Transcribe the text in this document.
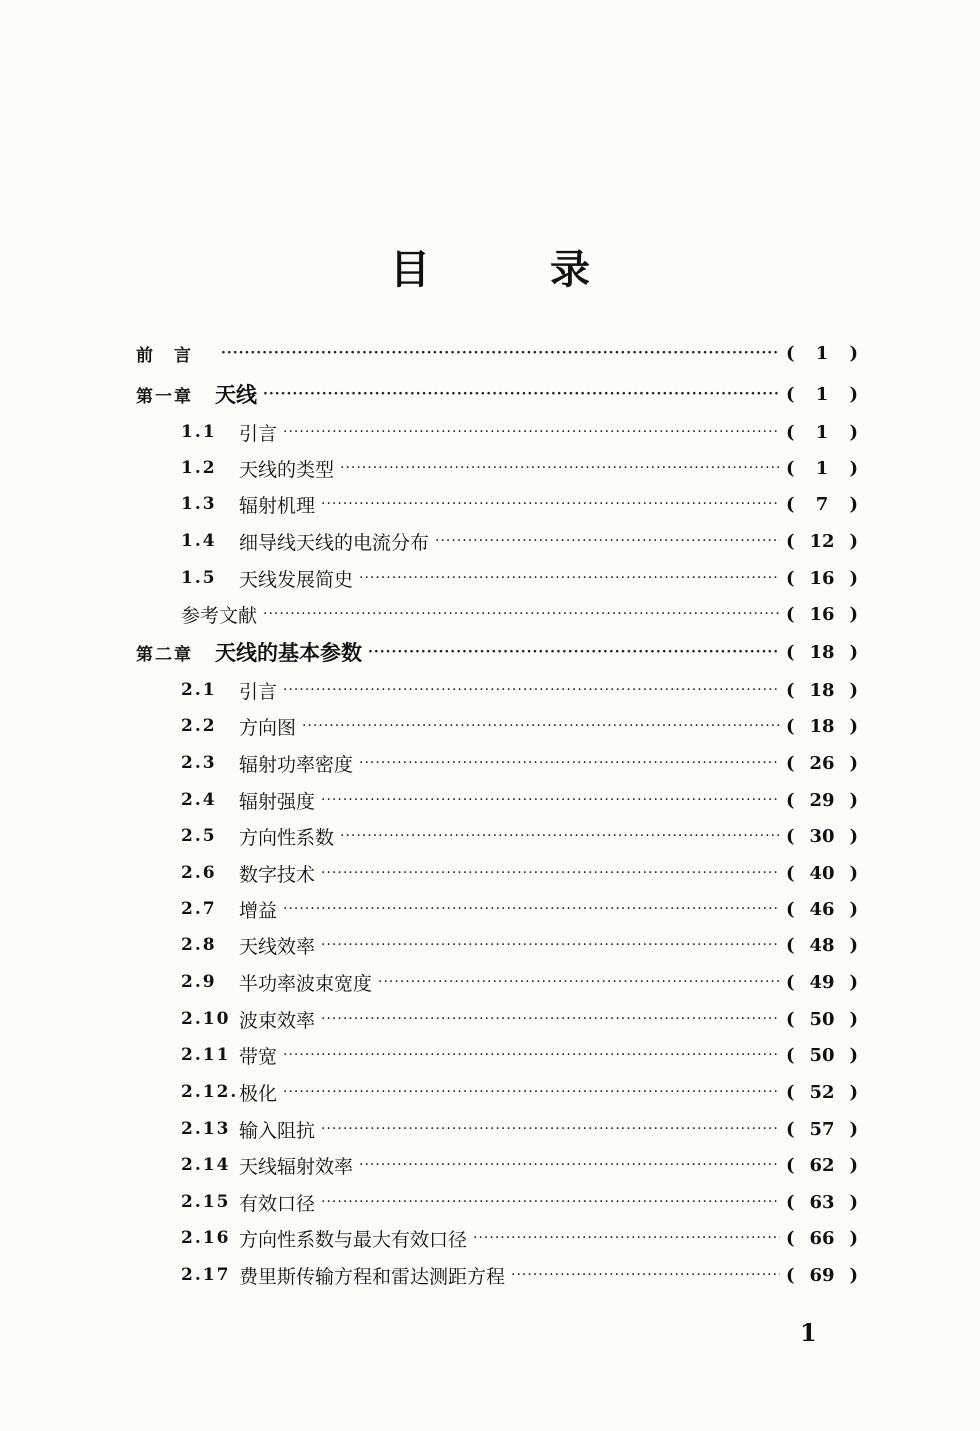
目　录
前　言 ·····	(	1	)
第一章 天线 ·····	(	1	)
1.1	引言 ·····	(	1	)
1.2	天线的类型 ·····	(	1	)
1.3	辐射机理 ·····	(	7	)
1.4	细导线天线的电流分布 ·····	( 12 )
1.5	天线发展简史 ·····	( 16 )
参考文献 ·····	( 16 )
第二章 天线的基本参数 ·····	( 18 )
2.1	引言 ·····	( 18 )
2.2	方向图 ·····	( 18 )
2.3	辐射功率密度 ·····	( 26 )
2.4	辐射强度 ·····	( 29 )
2.5	方向性系数 ·····	( 30 )
2.6	数字技术 ·····	( 40 )
2.7	增益 ·····	( 46 )
2.8	天线效率 ·····	( 48 )
2.9	半功率波束宽度 ·····	( 49 )
2.10 波束效率 ·····	( 50 )
2.11 带宽 ·····	( 50 )
2.12. 极化 ·····	( 52 )
2.13 输入阻抗 ·····	( 57 )
2.14 天线辐射效率 ·····	( 62 )
2.15 有效口径 ·····	( 63 )
2.16 方向性系数与最大有效口径 ·····	( 66 )
2.17 费里斯传输方程和雷达测距方程 ·····	( 69 )
1
